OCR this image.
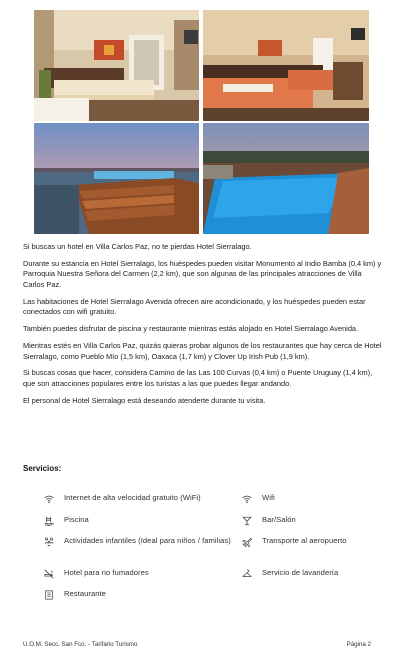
Si buscas un hotel en Villa Carlos Paz, no te pierdas Hotel Sierralago.

Durante su estancia en Hotel Sierralago, los huéspedes pueden visitar Monumento al Indio Bamba (0,4 km) y Parroquia Nuestra Señora del Carmen (2,2 km), que son algunas de las principales atracciones de Villa Carlos Paz.

Las habitaciones de Hotel Sierralago Avenida ofrecen aire acondicionado, y los huéspedes pueden estar conectados con wifi gratuito.

También puedes disfrutar de piscina y restaurante mientras estás alojado en Hotel Sierralago Avenida.

Mientras estés en Villa Carlos Paz, quizás quieras probar algunos de los restaurantes que hay cerca de Hotel Sierralago, como Pueblo Mío (1,5 km), Oaxaca (1,7 km) y Clover Up Irish Pub (1,9 km).

Si buscas cosas que hacer, considera Camino de las Las 100 Curvas (0,4 km) o Puente Uruguay (1,4 km), que son atracciones populares entre los turistas a las que puedes llegar andando.

El personal de Hotel Sierralago está deseando atenderte durante tu visita.

Servicios:
Internet de alta velocidad gratuito (WiFi)	Wifi
Piscina	Bar/Salón
Actividades infantiles (Ideal para niños / familias)	Transporte al aeropuerto
Hotel para no fumadores	Servicio de lavandería
Restaurante
U.O.M. Secc. San Fco. - Tarifario Turismo	Página 2
